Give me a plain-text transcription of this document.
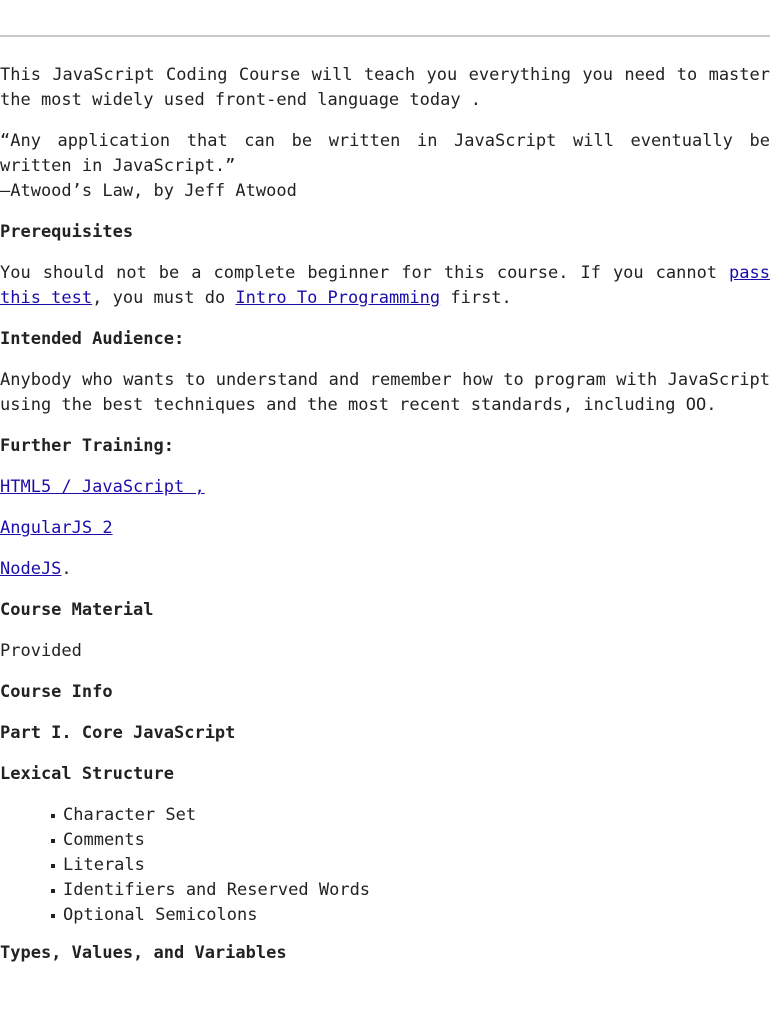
This JavaScript Coding Course will teach you everything you need to master the most widely used front-end language today .

“Any application that can be written in JavaScript will eventually be written in JavaScript.”
—Atwood’s Law, by Jeff Atwood

Prerequisites

You should not be a complete beginner for this course. If you cannot pass this test, you must do Intro To Programming first.

Intended Audience:

Anybody who wants to understand and remember how to program with JavaScript using the best techniques and the most recent standards, including OO.

Further Training:

HTML5 / JavaScript ,

AngularJS 2

NodeJS.

Course Material

Provided

Course Info

Part I. Core JavaScript

Lexical Structure

Character Set
Comments
Literals
Identifiers and Reserved Words
Optional Semicolons

Types, Values, and Variables
